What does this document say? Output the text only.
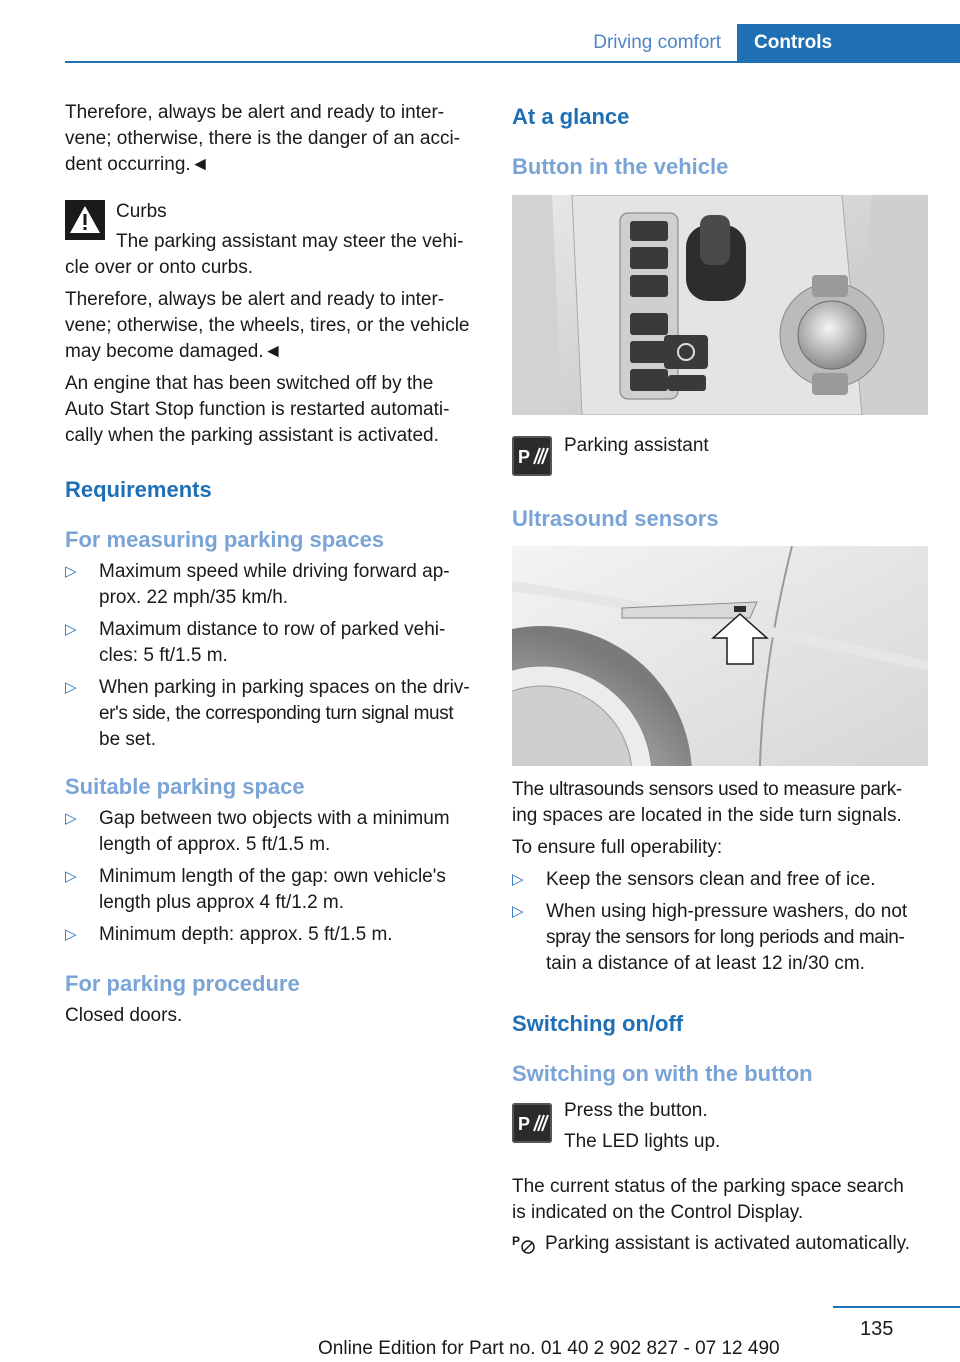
Driving comfort	Controls

Therefore, always be alert and ready to inter-

vene; otherwise, there is the danger of an acci-

dent occurring.◄

Curbs

The parking assistant may steer the vehi-

cle over or onto curbs.

Therefore, always be alert and ready to inter-

vene; otherwise, the wheels, tires, or the vehicle

may become damaged.◄

An engine that has been switched off by the

Auto Start Stop function is restarted automati-

cally when the parking assistant is activated.

Requirements
For measuring parking spaces
▷ Maximum speed while driving forward ap-
prox. 22 mph/35 km/h.
▷ Maximum distance to row of parked vehi-
cles: 5 ft/1.5 m.
▷ When parking in parking spaces on the driv-
er's side, the corresponding turn signal must
be set.
Suitable parking space
▷ Gap between two objects with a minimum
length of approx. 5 ft/1.5 m.
▷ Minimum length of the gap: own vehicle's
length plus approx 4 ft/1.2 m.
▷ Minimum depth: approx. 5 ft/1.5 m.
For parking procedure
Closed doors.
At a glance
Button in the vehicle
P
Parking assistant
Ultrasound sensors

The ultrasounds sensors used to measure park-

ing spaces are located in the side turn signals.

To ensure full operability:

▷ Keep the sensors clean and free of ice.
▷ When using high-pressure washers, do not
spray the sensors for long periods and main-
tain a distance of at least 12 in/30 cm.
Switching on/off
Switching on with the button
P

Press the button.

The LED lights up.

The current status of the parking space search

is indicated on the Control Display.

P Parking assistant is activated automatically.
135
Online Edition for Part no. 01 40 2 902 827 - 07 12 490
